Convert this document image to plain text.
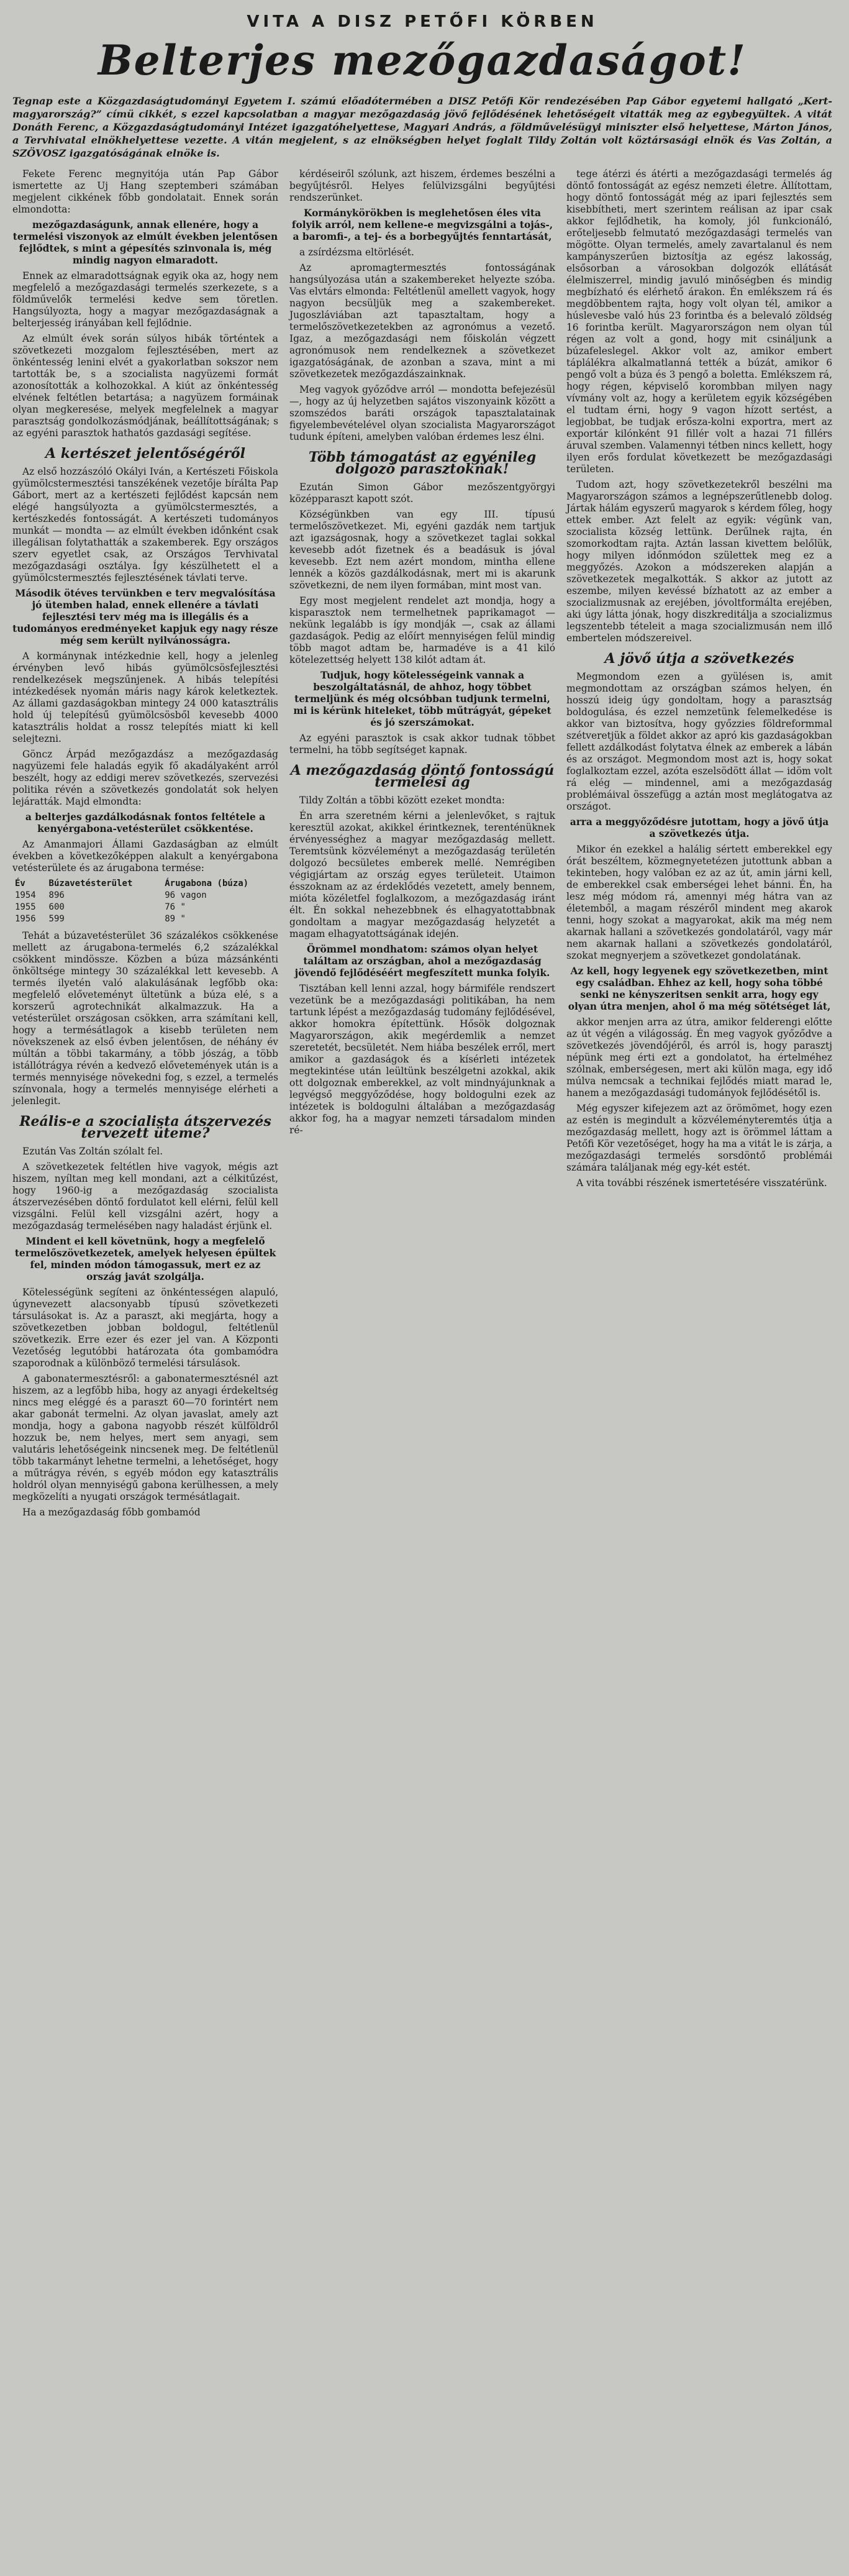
VITA A DISZ PETŐFI KÖRBEN
Belterjes mezőgazdaságot!

Tegnap este a Közgazdaságtudományi Egyetem I. számú előadótermében a DISZ Petőfi Kör rendezésében Pap Gábor egyetemi hallgató „Kert-magyarország?” címü cikkét, s ezzel kapcsolatban a magyar mezőgazdaság jövő fejlődésének lehetőségeit vitatták meg az egybegyültek. A vitát Donáth Ferenc, a Közgazdaságtudományi Intézet igazgatóhelyettese, Magyari András, a földművelésügyi miniszter első helyettese, Márton János, a Tervhivatal elnökhelyettese vezette. A vitán megjelent, s az elnökségben helyet foglalt Tildy Zoltán volt köztársasági elnök és Vas Zoltán, a SZÖVOSZ igazgatóságának elnöke is.

Fekete Ferenc megnyitója után Pap Gábor ismertette az Uj Hang szeptemberi számában megjelent cikkének főbb gondolatait. Ennek során elmondotta:

mezőgazdaságunk, annak ellenére, hogy a termelési viszonyok az elmúlt években jelentősen fejlődtek, s mint a gépesítés szinvonala is, még mindig nagyon elmaradott.

Ennek az elmaradottságnak egyik oka az, hogy nem megfelelő a mezőgazdasági termelés szerkezete, s a földművelők termelési kedve sem töretlen. Hangsúlyozta, hogy a magyar mezőgazdaságnak a belterjesség irányában kell fejlődnie.

Az elmúlt évek során súlyos hibák történtek a szövetkezeti mozgalom fejlesztésében, mert az önkéntesség lenini elvét a gyakorlatban sokszor nem tartották be, s a szocialista nagyüzemi formát azonosították a kolhozokkal. A kiút az önkéntesség elvének feltétlen betartása; a nagyüzem formáinak olyan megkeresése, melyek megfelelnek a magyar parasztság gondolkozásmódjának, beállítottságának; s az egyéni parasztok hathatós gazdasági segítése.

A kertészet jelentőségéről

Az első hozzászóló Okályi Iván, a Kertészeti Főiskola gyümölcstermesztési tanszékének vezetője bírálta Pap Gábort, mert az a kertészeti fejlődést kapcsán nem elégé hangsúlyozta a gyümölcstermesztés, a kertészkedés fontosságát. A kertészeti tudományos munkát — mondta — az elmúlt években időnként csak illegálisan folytathatták a szakemberek. Egy országos szerv egyetlet csak, az Országos Tervhivatal mezőgazdasági osztálya. Így készülhetett el a gyümölcstermesztés fejlesztésének távlati terve.

Második ötéves tervünkben e terv megvalósítása jó ütemben halad, ennek ellenére a távlati fejlesztési terv még ma is illegális és a tudományos eredményeket kapjuk egy nagy része még sem került nyilvánosságra.

A kormánynak intézkednie kell, hogy a jelenleg érvényben levő hibás gyümölcsösfejlesztési rendelkezések megszűnjenek. A hibás telepítési intézkedések nyomán máris nagy károk keletkeztek. Az állami gazdaságokban mintegy 24 000 katasztrális hold új telepítésű gyümölcsösből kevesebb 4000 katasztrális holdat a rossz telepítés miatt ki kell selejtezni.

Göncz Árpád mezőgazdász a mezőgazdaság nagyüzemi fele haladás egyik fő akadályaként arról beszélt, hogy az eddigi merev szövetkezés, szervezési politika révén a szövetkezés gondolatát sok helyen lejáratták. Majd elmondta:

a belterjes gazdálkodásnak fontos feltétele a kenyérgabona-vetésterület csökkentése.

Az Amanmajori Állami Gazdaságban az elmúlt években a következőképpen alakult a kenyérgabona vetésterülete és az árugabona termése:

Év	Búzavetésterület	Árugabona (búza)
1954	896	96 vagon
1955	600	76 "
1956	599	89 "

Tehát a búzavetésterület 36 százalékos csökkenése mellett az árugabona-termelés 6,2 százalékkal csökkent mindössze. Közben a búza mázsánkénti önköltsége mintegy 30 százalékkal lett kevesebb. A termés ilyetén való alakulásának legfőbb oka: megfelelő előveteményt ültetünk a búza elé, s a korszerű agrotechnikát alkalmazzuk. Ha a vetésterület országosan csökken, arra számítani kell, hogy a termésátlagok a kisebb területen nem növekszenek az első évben jelentősen, de néhány év múltán a többi takarmány, a több jószág, a több istállótrágya révén a kedvező elővetemények után is a termés mennyisége növekedni fog, s ezzel, a termelés színvonala, hogy a termelés mennyisége elérheti a jelenlegit.

Reális-e a szocialista átszervezés tervezett üteme?

Ezután Vas Zoltán szólalt fel.

A szövetkezetek feltétlen hive vagyok, mégis azt hiszem, nyíltan meg kell mondani, azt a célkitűzést, hogy 1960-ig a mezőgazdaság szocialista átszervezésében döntő fordulatot kell elérni, felül kell vizsgálni. Felül kell vizsgálni azért, hogy a mezőgazdaság termelésében nagy haladást érjünk el.

Mindent ei kell követnünk, hogy a megfelelő termelőszövetkezetek, amelyek helyesen épültek fel, minden módon támogassuk, mert ez az ország javát szolgálja.

Kötelességünk segíteni az önkéntességen alapuló, úgynevezett alacsonyabb típusú szövetkezeti társulásokat is. Az a paraszt, aki megjárta, hogy a szövetkezetben jobban boldogul, feltétlenül szövetkezik. Erre ezer és ezer jel van. A Központi Vezetőség legutóbbi határozata óta gombamódra szaporodnak a különböző termelési társulások.

A gabonatermesztésről: a gabonatermesztésnél azt hiszem, az a legfőbb hiba, hogy az anyagi érdekeltség nincs meg eléggé és a paraszt 60—70 forintért nem akar gabonát termelni. Az olyan javaslat, amely azt mondja, hogy a gabona nagyobb részét külföldről hozzuk be, nem helyes, mert sem anyagi, sem valutáris lehetőségeink nincsenek meg. De feltétlenül több takarmányt lehetne termelni, a lehetőséget, hogy a műtrágya révén, s egyéb módon egy katasztrális holdról olyan mennyiségű gabona kerülhessen, a mely megközelíti a nyugati országok termésátlagait.

Ha a mezőgazdaság főbb gombamód

kérdéseiről szólunk, azt hiszem, érdemes beszélni a begyűjtésről. Helyes felülvizsgálni begyűjtési rendszerünket.

Kormánykörökben is meglehetősen éles vita folyik arról, nem kellene-e megvizsgálni a tojás-, a baromfi-, a tej- és a borbegyűjtés fenntartását,

a zsírdézsma eltörlését.

Az apromagtermesztés fontosságának hangsúlyozása után a szakembereket helyezte szóba. Vas elvtárs elmonda: Feltétlenül amellett vagyok, hogy nagyon becsüljük meg a szakembereket. Jugoszláviában azt tapasztaltam, hogy a termelőszövetkezetekben az agronómus a vezető. Igaz, a mezőgazdasági nem főiskolán végzett agronómusok nem rendelkeznek a szövetkezet igazgatóságának, de azonban a szava, mint a mi szövetkezetek mezőgazdászainknak.

Meg vagyok győződve arról — mondotta befejezésül —, hogy az új helyzetben sajátos viszonyaink között a szomszédos baráti országok tapasztalatainak figyelembevételével olyan szocialista Magyarországot tudunk építeni, amelyben valóban érdemes lesz élni.

Több támogatást az egyénileg dolgozó parasztoknak!

Ezután Simon Gábor mezőszentgyörgyi középparaszt kapott szót.

Községünkben van egy III. típusú termelőszövetkezet. Mi, egyéni gazdák nem tartjuk azt igazságosnak, hogy a szövetkezet taglai sokkal kevesebb adót fizetnek és a beadásuk is jóval kevesebb. Ezt nem azért mondom, mintha ellene lennék a közös gazdálkodásnak, mert mi is akarunk szövetkezni, de nem ilyen formában, mint most van.

Egy most megjelent rendelet azt mondja, hogy a kisparasztok nem termelhetnek paprikamagot — nekünk legalább is így mondják —, csak az állami gazdaságok. Pedig az előírt mennyiségen felül mindig több magot adtam be, harmadéve is a 41 kiló kötelezettség helyett 138 kilót adtam át.

Tudjuk, hogy kötelességeink vannak a beszolgáltatásnál, de ahhoz, hogy többet termeljünk és még olcsóbban tudjunk termelni, mi is kérünk hiteleket, több műtrágyát, gépeket és jó szerszámokat.

Az egyéni parasztok is csak akkor tudnak többet termelni, ha több segítséget kapnak.

A mezőgazdaság döntő fontosságú termelési ág

Tildy Zoltán a többi között ezeket mondta:

Én arra szeretném kérni a jelenlevőket, s rajtuk keresztül azokat, akikkel érintkeznek, terenténüknek érvényességhez a magyar mezőgazdaság mellett. Teremtsünk közvéleményt a mezőgazdaság területén dolgozó becsületes emberek mellé. Nemrégiben végigjártam az ország egyes területeit. Utaimon ésszoknam az az érdeklődés vezetett, amely bennem, mióta közéletfel foglalkozom, a mezőgazdaság iránt élt. Én sokkal nehezebbnek és elhagyatottabbnak gondoltam a magyar mezőgazdaság helyzetét a magam elhagyatottságának idején.

Örömmel mondhatom: számos olyan helyet találtam az országban, ahol a mezőgazdaság jövendő fejlődéséért megfeszített munka folyik.

Tisztában kell lenni azzal, hogy bármiféle rendszert vezetünk be a mezőgazdasági politikában, ha nem tartunk lépést a mezőgazdaság tudomány fejlődésével, akkor homokra építettünk. Hősök dolgoznak Magyarországon, akik megérdemlik a nemzet szeretetét, becsületét. Nem hiába beszélek erről, mert amikor a gazdaságok és a kísérleti intézetek megtekintése után leültünk beszélgetni azokkal, akik ott dolgoznak emberekkel, az volt mindnyájunknak a legvégső meggyőződése, hogy boldogulni ezek az intézetek is boldogulni általában a mezőgazdaság akkor fog, ha a magyar nemzeti társadalom minden ré-

tege átérzi és átérti a mezőgazdasági termelés ág döntő fontosságát az egész nemzeti életre. Állítottam, hogy döntő fontosságát még az ipari fejlesztés sem kisebbítheti, mert szerintem reálisan az ipar csak akkor fejlődhetik, ha komoly, jól funkcionáló, erőteljesebb felmutató mezőgazdasági termelés van mögötte. Olyan termelés, amely zavartalanul és nem kampányszerűen biztosítja az egész lakosság, elsősorban a városokban dolgozók ellátását élelmiszerrel, mindig javuló minőségben és mindig megbízható és elérhető árakon. Én emlékszem rá és megdöbbentem rajta, hogy volt olyan tél, amikor a húslevesbe való hús 23 forintba és a belevaló zöldség 16 forintba került. Magyarországon nem olyan túl régen az volt a gond, hogy mit csináljunk a búzafeleslegel. Akkor volt az, amikor embert táplálékra alkalmatlanná tették a búzát, amikor 6 pengő volt a búza és 3 pengő a boletta. Emlékszem rá, hogy régen, képviselő korombban milyen nagy vívmány volt az, hogy a kerületem egyik községében el tudtam érni, hogy 9 vagon hízott sertést, a legjobbat, be tudjak erősza-kolni exportra, mert az exportár kilónként 91 fillér volt a hazai 71 fillérs áruval szemben. Valamennyi tétben nincs kellett, hogy ilyen erős fordulat következett be mezőgazdasági területen.

Tudom azt, hogy szövetkezetekről beszélni ma Magyarországon számos a legnépszerűtlenebb dolog. Jártak hálám egyszerű magyarok s kérdem főleg, hogy ettek ember. Azt felelt az egyik: végünk van, szocialista község lettünk. Derűlnek rajta, én szomorkodtam rajta. Aztán lassan kivettem belőlük, hogy milyen időnmódon születtek meg ez a meggyőzés. Azokon a módszereken alapján a szövetkezetek megalkották. S akkor az jutott az eszembe, milyen kevéssé bízhatott az az ember a szocializmusnak az erejében, jóvoltformálta erejében, aki úgy látta jónak, hogy diszkreditálja a szocializmus legszentebb tételeit a maga szocializmusán nem illő embertelen módszereivel.

A jövő útja a szövetkezés

Megmondom ezen a gyülésen is, amit megmondottam az országban számos helyen, én hosszú ideig úgy gondoltam, hogy a parasztság boldogulása, és ezzel nemzetünk felemelkedése is akkor van biztosítva, hogy győzzies földreformmal szétveretjük a földet akkor az apró kis gazdaságokban fellett azdálkodást folytatva élnek az emberek a lábán és az országot. Megmondom most azt is, hogy sokat foglalkoztam ezzel, azóta eszelsödött állat — idöm volt rá elég — mindennel, ami a mezőgazdaság problémáival összefügg a aztán most meglátogatva az országot.

arra a meggyőződésre jutottam, hogy a jövő útja a szövetkezés útja.

Mikor én ezekkel a halálig sértett emberekkel egy órát beszéltem, közmegnyetetézen jutottunk abban a tekinteben, hogy valóban ez az az út, amin járni kell, de emberekkel csak emberségei lehet bánni. Én, ha lesz még módom rá, amennyi még hátra van az életemből, a magam részéről mindent meg akarok tenni, hogy szokat a magyarokat, akik ma még nem akarnak hallani a szövetkezés gondolatáról, vagy már nem akarnak hallani a szövetkezés gondolatáról, szokat megnyerjem a szövetkezet gondolatának.

Az kell, hogy legyenek egy szövetkezetben, mint egy családban. Ehhez az kell, hogy soha többé senki ne kényszeritsen senkit arra, hogy egy olyan útra menjen, ahol ő ma még sötétséget lát,

akkor menjen arra az útra, amikor felderengi előtte az út végén a világosság. Én meg vagyok győződve a szövetkezés jövendőjéről, és arról is, hogy parasztj népünk meg érti ezt a gondolatot, ha értelméhez szólnak, emberségesen, mert aki külön maga, egy idő múlva nemcsak a technikai fejlődés miatt marad le, hanem a mezőgazdasági tudományok fejlődésétől is.

Még egyszer kifejezem azt az örömömet, hogy ezen az estén is megindult a közvéleményteremtés útja a mezőgazdaság mellett, hogy azt is örömmel láttam a Petőfi Kör vezetőséget, hogy ha ma a vitát le is zárja, a mezőgazdasági termelés sorsdöntő problémái számára találjanak még egy-két estét.

A vita további részének ismertetésére visszatérünk.
